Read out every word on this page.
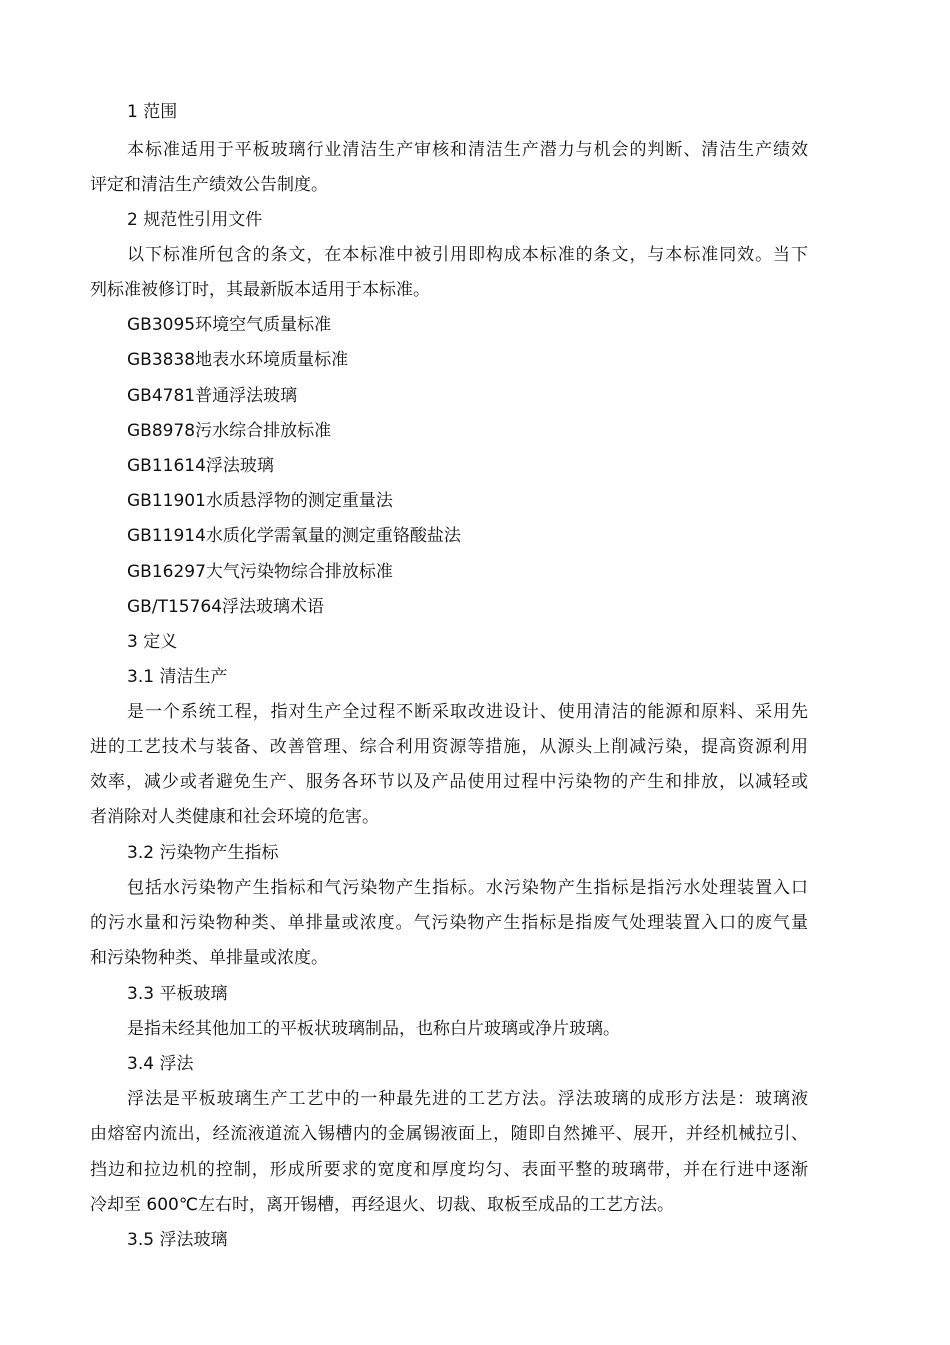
1 范围
本标准适用于平板玻璃行业清洁生产审核和清洁生产潜力与机会的判断、清洁生产绩效
评定和清洁生产绩效公告制度。
2 规范性引用文件
以下标准所包含的条文，在本标准中被引用即构成本标准的条文，与本标准同效。当下
列标准被修订时，其最新版本适用于本标准。
GB3095环境空气质量标准
GB3838地表水环境质量标准
GB4781普通浮法玻璃
GB8978污水综合排放标准
GB11614浮法玻璃
GB11901水质悬浮物的测定重量法
GB11914水质化学需氧量的测定重铬酸盐法
GB16297大气污染物综合排放标准
GB/T15764浮法玻璃术语
3 定义
3.1 清洁生产
是一个系统工程，指对生产全过程不断采取改进设计、使用清洁的能源和原料、采用先
进的工艺技术与装备、改善管理、综合利用资源等措施，从源头上削减污染，提高资源利用
效率，减少或者避免生产、服务各环节以及产品使用过程中污染物的产生和排放，以减轻或
者消除对人类健康和社会环境的危害。
3.2 污染物产生指标
包括水污染物产生指标和气污染物产生指标。水污染物产生指标是指污水处理装置入口
的污水量和污染物种类、单排量或浓度。气污染物产生指标是指废气处理装置入口的废气量
和污染物种类、单排量或浓度。
3.3 平板玻璃
是指未经其他加工的平板状玻璃制品，也称白片玻璃或净片玻璃。
3.4 浮法
浮法是平板玻璃生产工艺中的一种最先进的工艺方法。浮法玻璃的成形方法是：玻璃液
由熔窑内流出，经流液道流入锡槽内的金属锡液面上，随即自然摊平、展开，并经机械拉引、
挡边和拉边机的控制，形成所要求的宽度和厚度均匀、表面平整的玻璃带，并在行进中逐渐
冷却至 600℃左右时，离开锡槽，再经退火、切裁、取板至成品的工艺方法。
3.5 浮法玻璃
